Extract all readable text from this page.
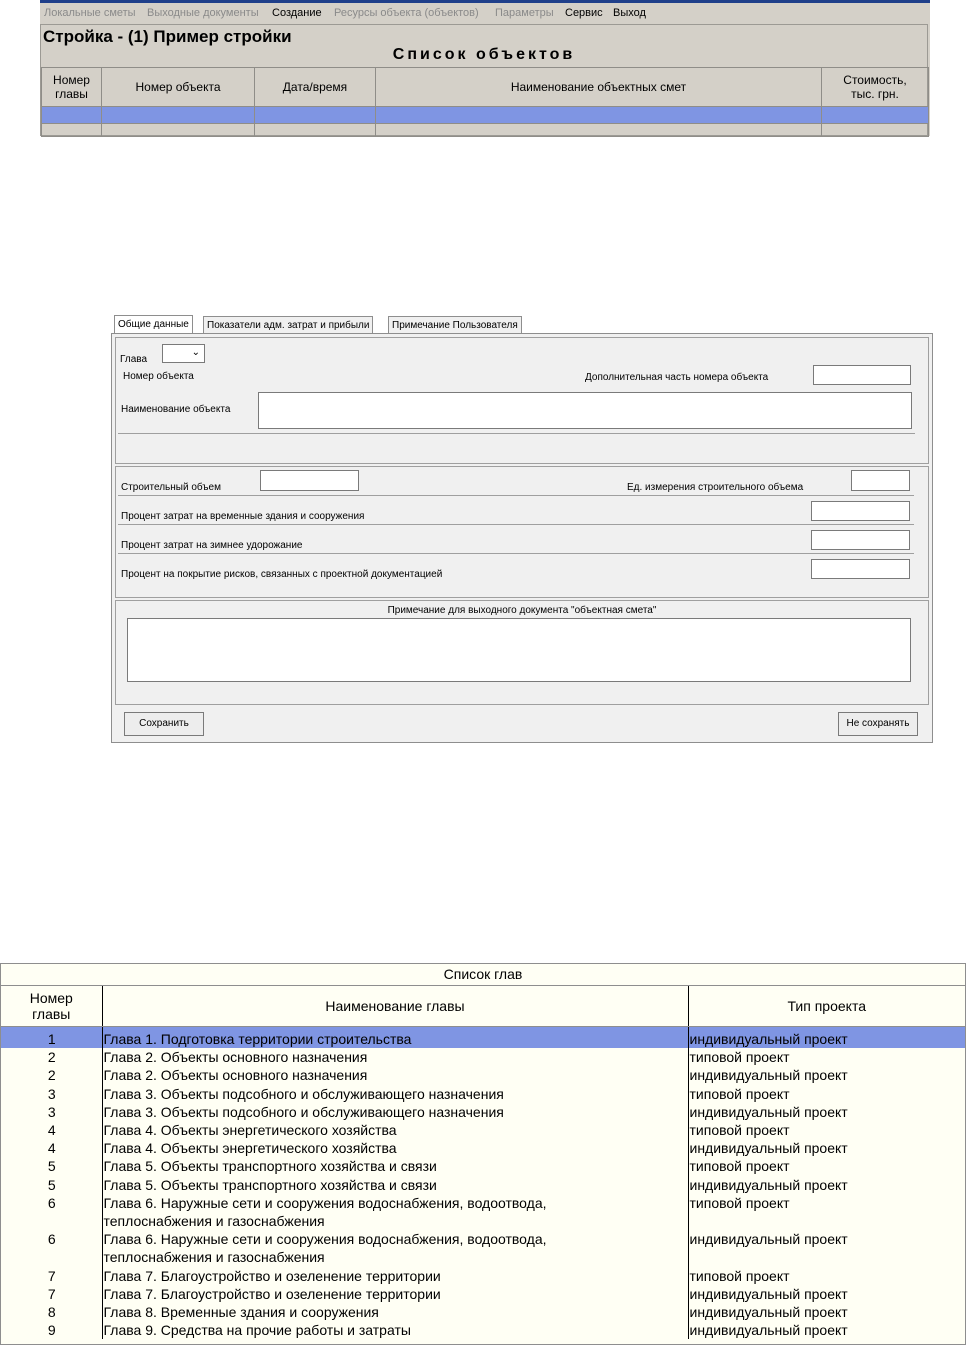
Локальные сметы Выходные документы Создание Ресурсы объекта (объектов) Параметры Сервис Выход
Стройка - (1) Пример стройки
Список объектов
Номер главы	Номер объекта	Дата/время	Наименование объектных смет	Стоимость, тыс. грн.

Общие данные	Показатели адм. затрат и прибыли	Примечание Пользователя
Глава
⌄
Номер объекта	Дополнительная часть номера объекта
Наименование объекта
Строительный объем	Ед. измерения строительного объема
Процент затрат на временные здания и сооружения
Процент затрат на зимнее удорожание
Процент на покрытие рисков, связанных с проектной документацией
Примечание для выходного документа "объектная смета"
Сохранить	Не сохранять
Список глав
Номер главы	Наименование главы	Тип проекта
1	Глава 1. Подготовка территории строительства	индивидуальный проект
2	Глава 2. Объекты основного назначения	типовой проект
2	Глава 2. Объекты основного назначения	индивидуальный проект
3	Глава 3. Объекты подсобного и обслуживающего назначения	типовой проект
3	Глава 3. Объекты подсобного и обслуживающего назначения	индивидуальный проект
4	Глава 4. Объекты энергетического хозяйства	типовой проект
4	Глава 4. Объекты энергетического хозяйства	индивидуальный проект
5	Глава 5. Объекты транспортного хозяйства и связи	типовой проект
5	Глава 5. Объекты транспортного хозяйства и связи	индивидуальный проект
6	Глава 6. Наружные сети и сооружения водоснабжения, водоотвода,
теплоснабжения и газоснабжения	типовой проект
6	Глава 6. Наружные сети и сооружения водоснабжения, водоотвода,
теплоснабжения и газоснабжения	индивидуальный проект
7	Глава 7. Благоустройство и озеленение территории	типовой проект
7	Глава 7. Благоустройство и озеленение территории	индивидуальный проект
8	Глава 8. Временные здания и сооружения	индивидуальный проект
9	Глава 9. Средства на прочие работы и затраты	индивидуальный проект
